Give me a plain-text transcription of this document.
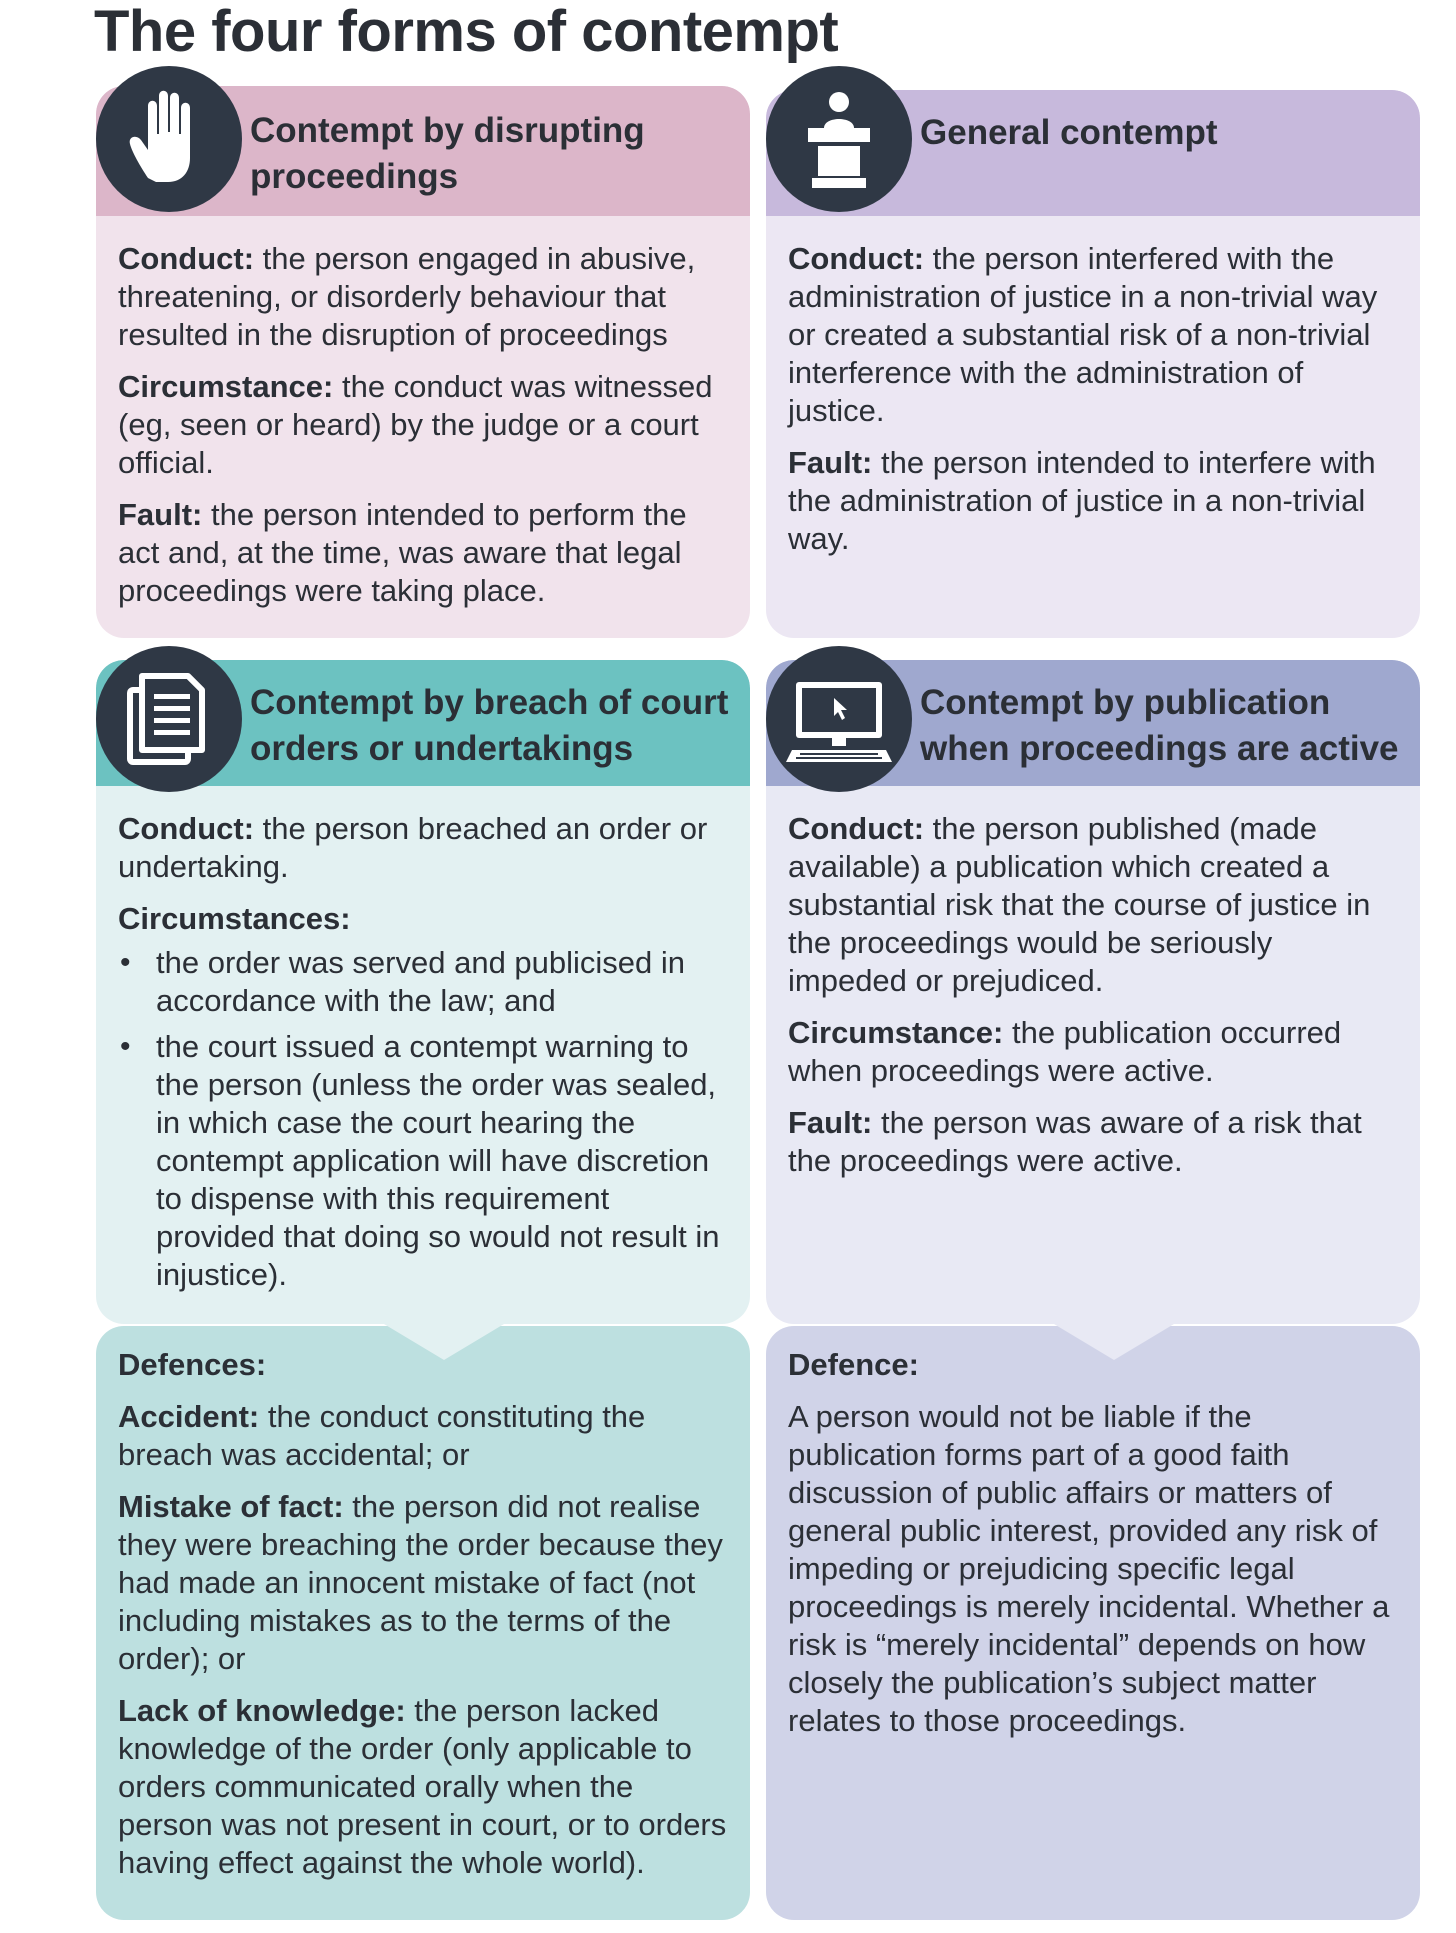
The four forms of contempt
Contempt by disrupting proceedings

Conduct: the person engaged in abusive, threatening, or disorderly behaviour that resulted in the disruption of proceedings

Circumstance: the conduct was witnessed (eg, seen or heard) by the judge or a court official.

Fault: the person intended to perform the act and, at the time, was aware that legal proceedings were taking place.

General contempt

Conduct: the person interfered with the administration of justice in a non-trivial way or created a substantial risk of a non-trivial interference with the administration of justice.

Fault: the person intended to interfere with the administration of justice in a non-trivial way.

Contempt by breach of court orders or undertakings

Conduct: the person breached an order or undertaking.

Circumstances:

• the order was served and publicised in accordance with the law; and
• the court issued a contempt warning to the person (unless the order was sealed, in which case the court hearing the contempt application will have discretion to dispense with this requirement provided that doing so would not result in injustice).

Defences:

Accident: the conduct constituting the breach was accidental; or

Mistake of fact: the person did not realise they were breaching the order because they had made an innocent mistake of fact (not including mistakes as to the terms of the order); or

Lack of knowledge: the person lacked knowledge of the order (only applicable to orders communicated orally when the person was not present in court, or to orders having effect against the whole world).

Contempt by publication when proceedings are active

Conduct: the person published (made available) a publication which created a substantial risk that the course of justice in the proceedings would be seriously impeded or prejudiced.

Circumstance: the publication occurred when proceedings were active.

Fault: the person was aware of a risk that the proceedings were active.

Defence:

A person would not be liable if the publication forms part of a good faith discussion of public affairs or matters of general public interest, provided any risk of impeding or prejudicing specific legal proceedings is merely incidental. Whether a risk is “merely incidental” depends on how closely the publication’s subject matter relates to those proceedings.
